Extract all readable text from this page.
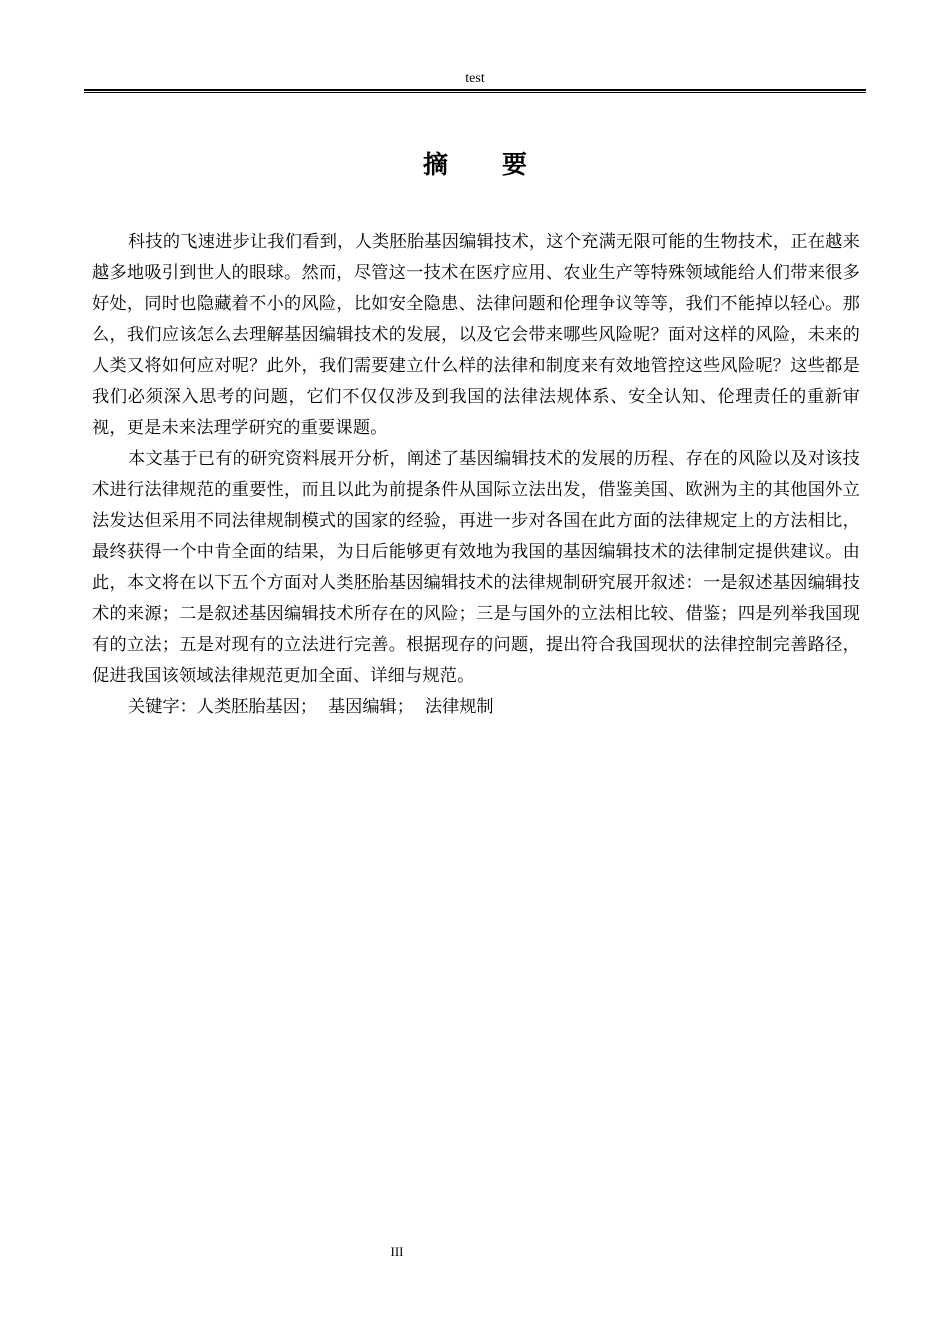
test
摘要

科技的飞速进步让我们看到，人类胚胎基因编辑技术，这个充满无限可能的生物技术，正在越来越多地吸引到世人的眼球。然而，尽管这一技术在医疗应用、农业生产等特殊领域能给人们带来很多好处，同时也隐藏着不小的风险，比如安全隐患、法律问题和伦理争议等等，我们不能掉以轻心。那么，我们应该怎么去理解基因编辑技术的发展，以及它会带来哪些风险呢？面对这样的风险，未来的人类又将如何应对呢？此外，我们需要建立什么样的法律和制度来有效地管控这些风险呢？这些都是我们必须深入思考的问题，它们不仅仅涉及到我国的法律法规体系、安全认知、伦理责任的重新审视，更是未来法理学研究的重要课题。

本文基于已有的研究资料展开分析，阐述了基因编辑技术的发展的历程、存在的风险以及对该技术进行法律规范的重要性，而且以此为前提条件从国际立法出发，借鉴美国、欧洲为主的其他国外立法发达但采用不同法律规制模式的国家的经验，再进一步对各国在此方面的法律规定上的方法相比，最终获得一个中肯全面的结果，为日后能够更有效地为我国的基因编辑技术的法律制定提供建议。由此，本文将在以下五个方面对人类胚胎基因编辑技术的法律规制研究展开叙述：一是叙述基因编辑技术的来源；二是叙述基因编辑技术所存在的风险；三是与国外的立法相比较、借鉴；四是列举我国现有的立法；五是对现有的立法进行完善。根据现存的问题，提出符合我国现状的法律控制完善路径，促进我国该领域法律规范更加全面、详细与规范。

关键字：人类胚胎基因；  基因编辑；  法律规制

III
